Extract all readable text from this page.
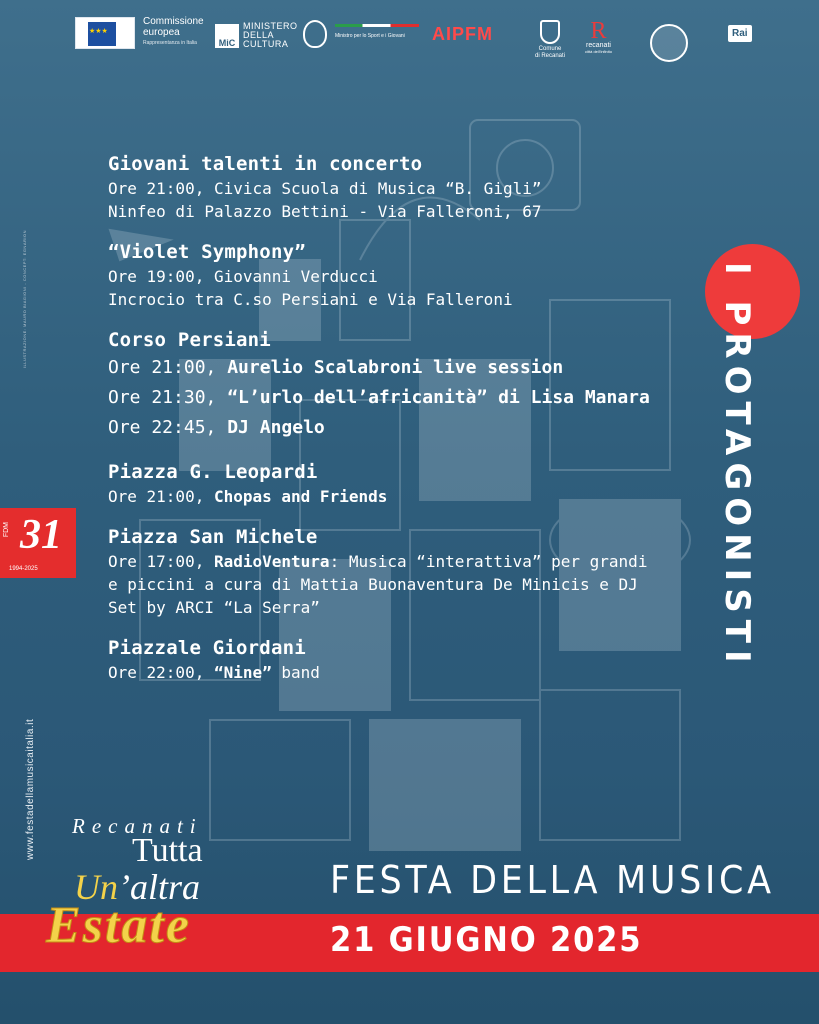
★ ★ ★
Commissione
europea
Rappresentanza in Italia	MiC
MINISTERO
DELLA
CULTURA
Ministro per lo Sport e i Giovani	AIPFM
Comune
di Recanati
R
recanati
città dell'infinito
Rai
ILLUSTRAZIONE: MAURO BIAGIONI - CONCEPT: EGNARION
Giovani talenti in concerto
Ore 21:00, Civica Scuola di Musica “B. Gigli”
Ninfeo di Palazzo Bettini - Via Falleroni, 67
“Violet Symphony”
Ore 19:00, Giovanni Verducci
Incrocio tra C.so Persiani e Via Falleroni
Corso Persiani
Ore 21:00, Aurelio Scalabroni live session
Ore 21:30, “L’urlo dell’africanità” di Lisa Manara
Ore 22:45, DJ Angelo
Piazza G. Leopardi
Ore 21:00, Chopas and Friends
Piazza San Michele
Ore 17:00, RadioVentura: Musica “interattiva” per grandi
e piccini a cura di Mattia Buonaventura De Minicis e DJ
Set by ARCI “La Serra”
Piazzale Giordani
Ore 22:00, “Nine” band
I PROTAGONISTI
FDM 31
1994-2025
www.festadellamusicaitalia.it Recanati
Tutta
Un’altra
Estate
FESTA DELLA MUSICA
21 GIUGNO 2025
